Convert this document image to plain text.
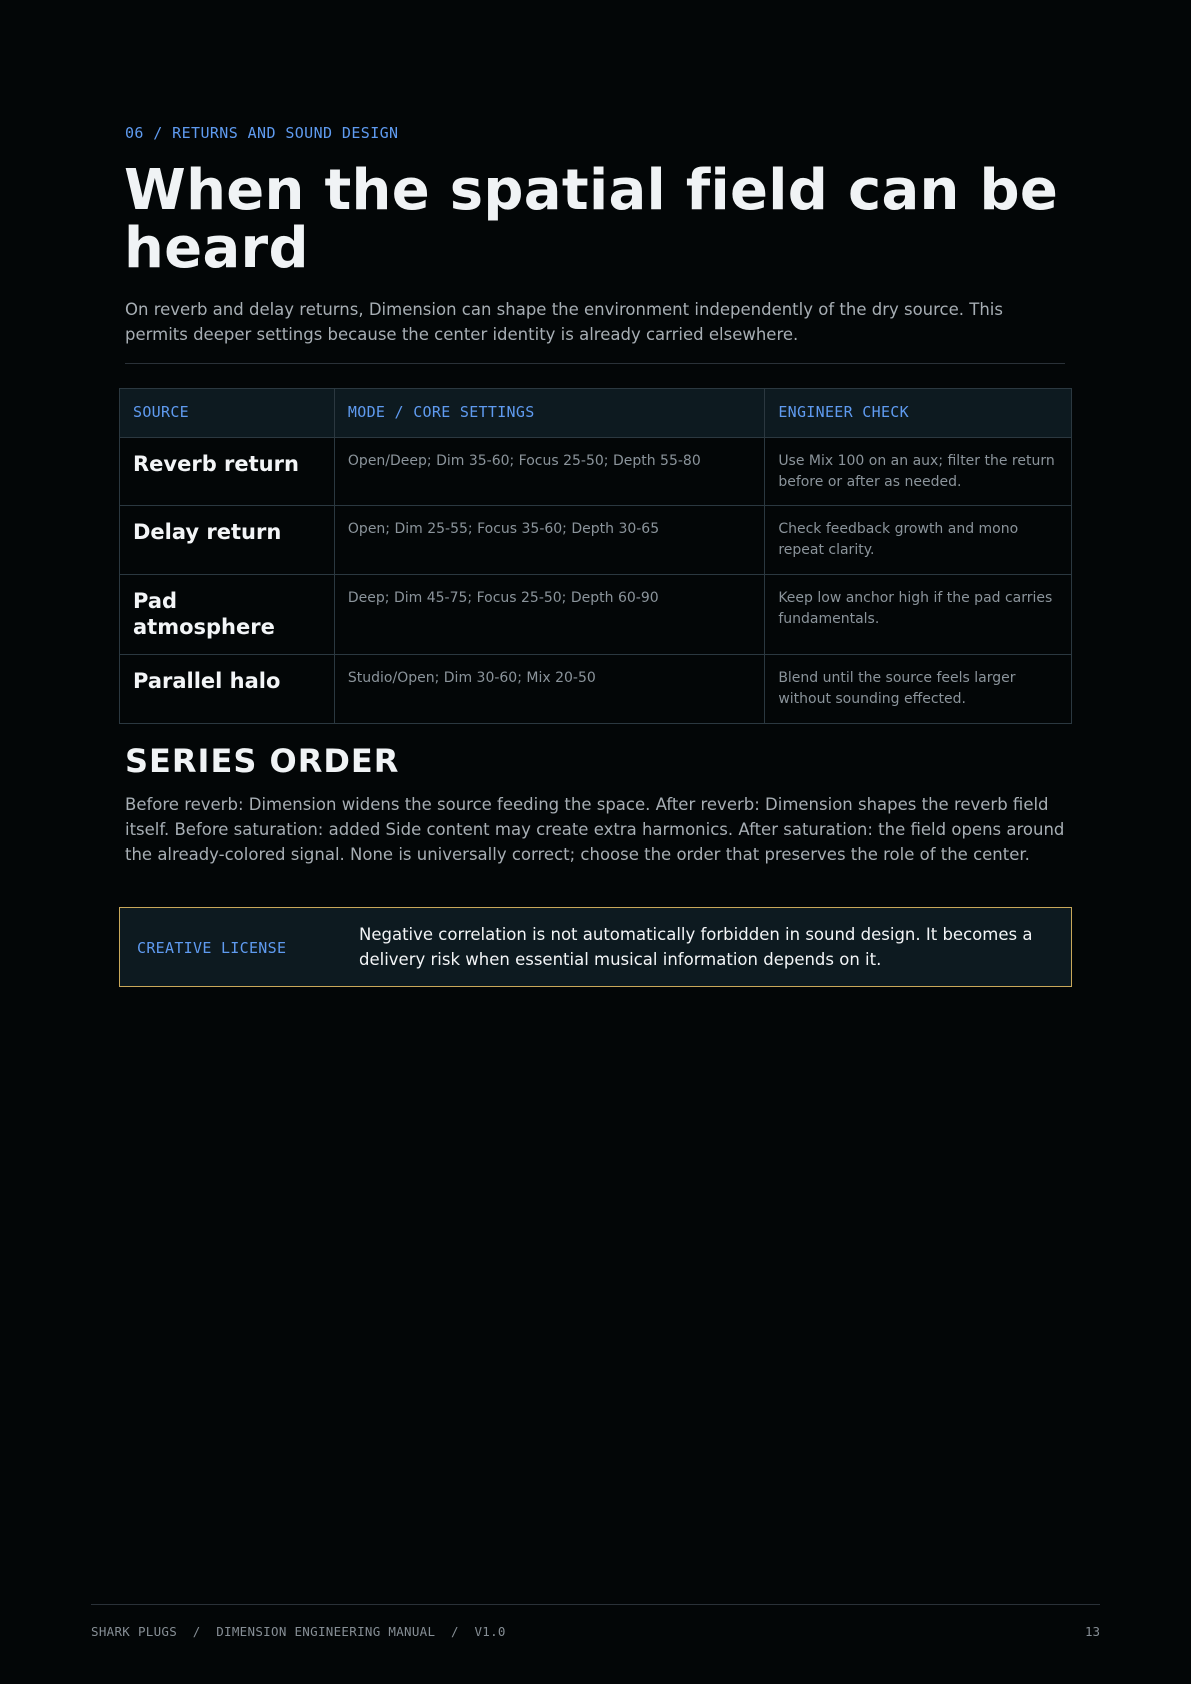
06 / RETURNS AND SOUND DESIGN
When the spatial field can be heard

On reverb and delay returns, Dimension can shape the environment independently of the dry source. This permits deeper settings because the center identity is already carried elsewhere.

SOURCE	MODE / CORE SETTINGS	ENGINEER CHECK

Reverb return	Open/Deep; Dim 35-60; Focus 25-50; Depth 55-80	Use Mix 100 on an aux; filter the return before or after as needed.

Delay return	Open; Dim 25-55; Focus 35-60; Depth 30-65	Check feedback growth and mono repeat clarity.

Pad atmosphere	Deep; Dim 45-75; Focus 25-50; Depth 60-90	Keep low anchor high if the pad carries fundamentals.

Parallel halo	Studio/Open; Dim 30-60; Mix 20-50	Blend until the source feels larger without sounding effected.
SERIES ORDER

Before reverb: Dimension widens the source feeding the space. After reverb: Dimension shapes the reverb field itself. Before saturation: added Side content may create extra harmonics. After saturation: the field opens around the already-colored signal. None is universally correct; choose the order that preserves the role of the center.

CREATIVE LICENSE
Negative correlation is not automatically forbidden in sound design. It becomes a delivery risk when essential musical information depends on it.
SHARK PLUGS  /  DIMENSION ENGINEERING MANUAL  /  V1.0	13
